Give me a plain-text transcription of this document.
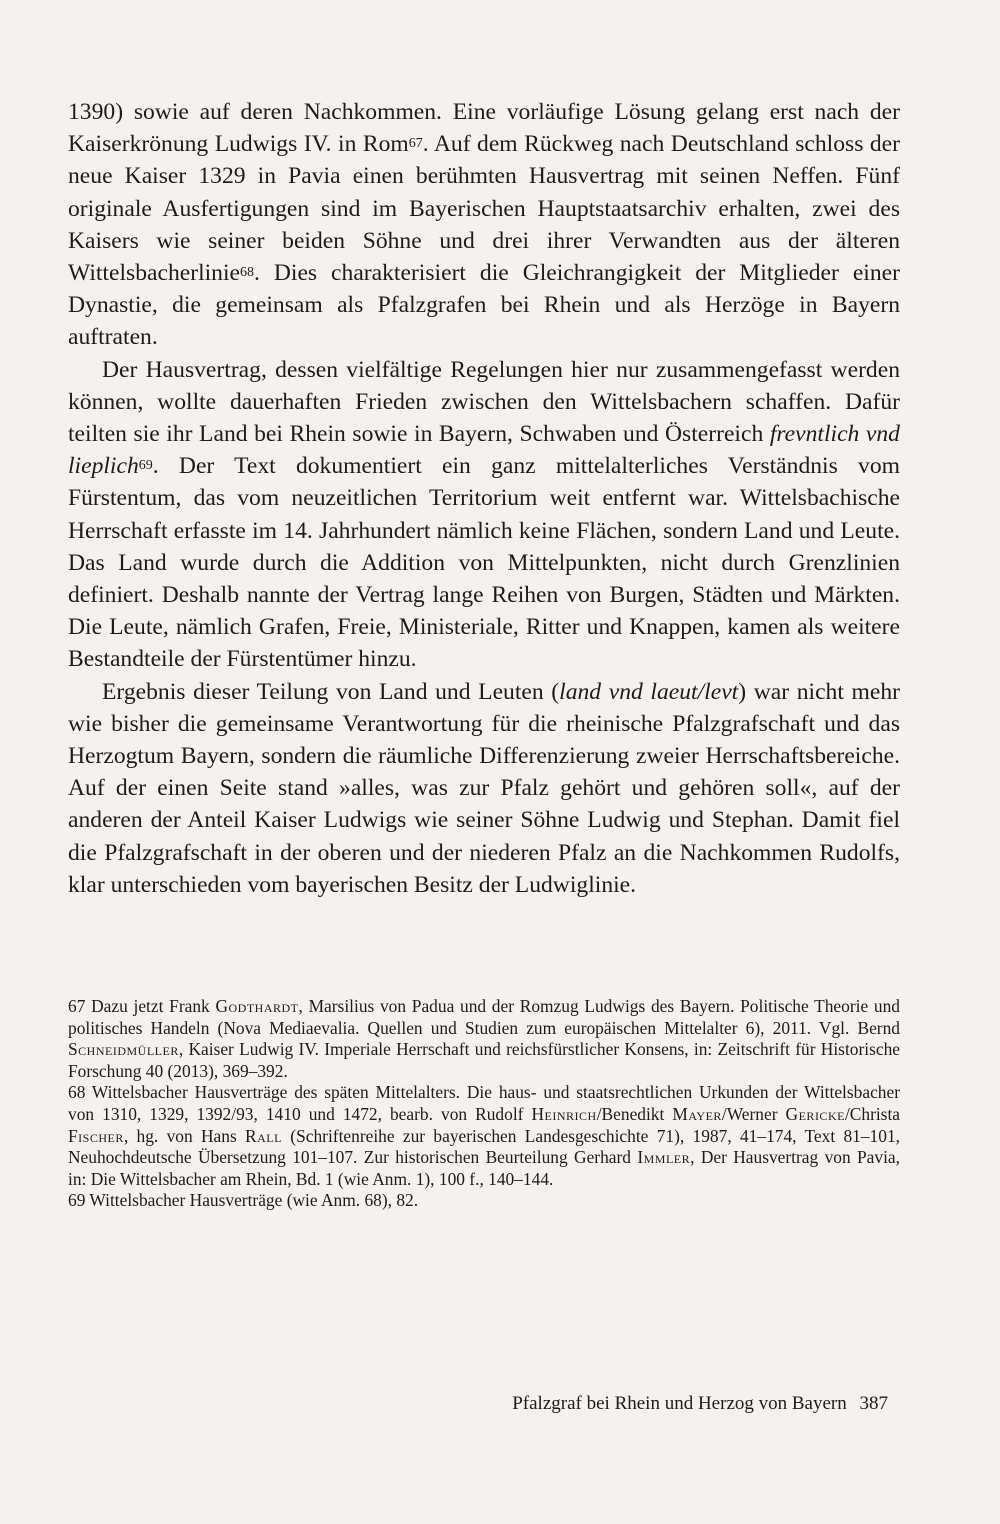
1390) sowie auf deren Nachkommen. Eine vorläufige Lösung gelang erst nach der Kaiserkrönung Ludwigs IV. in Rom$^{67}$. Auf dem Rückweg nach Deutschland schloss der neue Kaiser 1329 in Pavia einen berühmten Hausvertrag mit seinen Neffen. Fünf originale Ausfertigungen sind im Bayerischen Hauptstaatsarchiv erhalten, zwei des Kaisers wie seiner beiden Söhne und drei ihrer Verwandten aus der älteren Wittelsbacherlinie$^{68}$. Dies charakterisiert die Gleichrangigkeit der Mitglieder einer Dynastie, die gemeinsam als Pfalzgrafen bei Rhein und als Herzöge in Bayern auftraten.

Der Hausvertrag, dessen vielfältige Regelungen hier nur zusammengefasst werden können, wollte dauerhaften Frieden zwischen den Wittelsbachern schaffen. Dafür teilten sie ihr Land bei Rhein sowie in Bayern, Schwaben und Österreich frevntlich vnd lieplich$^{69}$. Der Text dokumentiert ein ganz mittelalterliches Verständnis vom Fürstentum, das vom neuzeitlichen Territorium weit entfernt war. Wittelsbachische Herrschaft erfasste im 14. Jahrhundert nämlich keine Flächen, sondern Land und Leute. Das Land wurde durch die Addition von Mittelpunkten, nicht durch Grenzlinien definiert. Deshalb nannte der Vertrag lange Reihen von Burgen, Städten und Märkten. Die Leute, nämlich Grafen, Freie, Ministeriale, Ritter und Knappen, kamen als weitere Bestandteile der Fürstentümer hinzu.

Ergebnis dieser Teilung von Land und Leuten (land vnd laeut/levt) war nicht mehr wie bisher die gemeinsame Verantwortung für die rheinische Pfalzgrafschaft und das Herzogtum Bayern, sondern die räumliche Differenzierung zweier Herrschaftsbereiche. Auf der einen Seite stand »alles, was zur Pfalz gehört und gehören soll«, auf der anderen der Anteil Kaiser Ludwigs wie seiner Söhne Ludwig und Stephan. Damit fiel die Pfalzgrafschaft in der oberen und der niederen Pfalz an die Nachkommen Rudolfs, klar unterschieden vom bayerischen Besitz der Ludwiglinie.

67 Dazu jetzt Frank Godthardt, Marsilius von Padua und der Romzug Ludwigs des Bayern. Politische Theorie und politisches Handeln (Nova Mediaevalia. Quellen und Studien zum europäischen Mittelalter 6), 2011. Vgl. Bernd Schneidmüller, Kaiser Ludwig IV. Imperiale Herrschaft und reichsfürstlicher Konsens, in: Zeitschrift für Historische Forschung 40 (2013), 369–392.

68 Wittelsbacher Hausverträge des späten Mittelalters. Die haus- und staatsrechtlichen Urkunden der Wittelsbacher von 1310, 1329, 1392/93, 1410 und 1472, bearb. von Rudolf Heinrich/Benedikt Mayer/Werner Gericke/Christa Fischer, hg. von Hans Rall (Schriftenreihe zur bayerischen Landesgeschichte 71), 1987, 41–174, Text 81–101, Neuhochdeutsche Übersetzung 101–107. Zur historischen Beurteilung Gerhard Immler, Der Hausvertrag von Pavia, in: Die Wittelsbacher am Rhein, Bd. 1 (wie Anm. 1), 100 f., 140–144.

69 Wittelsbacher Hausverträge (wie Anm. 68), 82.

Pfalzgraf bei Rhein und Herzog von Bayern 387
